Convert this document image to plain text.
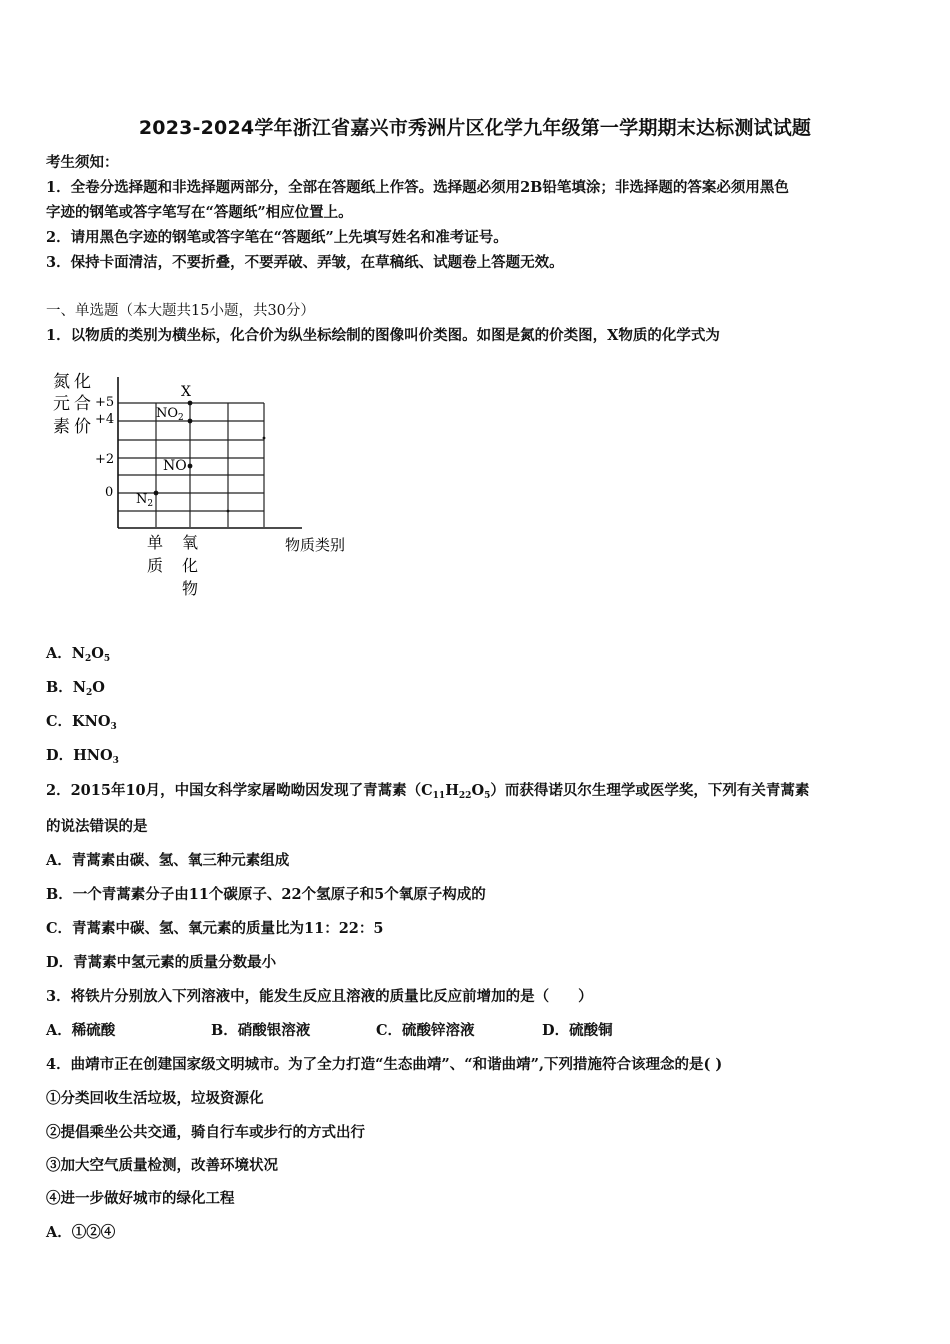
2023-2024学年浙江省嘉兴市秀洲片区化学九年级第一学期期末达标测试试题
考生须知：
1．全卷分选择题和非选择题两部分，全部在答题纸上作答。选择题必须用2B铅笔填涂；非选择题的答案必须用黑色
字迹的钢笔或答字笔写在“答题纸”相应位置上。
2．请用黑色字迹的钢笔或答字笔在“答题纸”上先填写姓名和准考证号。
3．保持卡面清洁，不要折叠，不要弄破、弄皱，在草稿纸、试题卷上答题无效。
一、单选题（本大题共15小题，共30分）
1．以物质的类别为横坐标，化合价为纵坐标绘制的图像叫价类图。如图是氮的价类图，X物质的化学式为
氮 化
元 合
素 价
+5
+4
+2
0
X
$NO_2$
NO
$N_2$
单
质
氧
化
物
物质类别
A．$N_2O_5$
B．$N_2O$
C．$KNO_3$
D．$HNO_3$
2．2015年10月，中国女科学家屠呦呦因发现了青蒿素$(C_{11}H_{22}O_5)$而获得诺贝尔生理学或医学奖，下列有关青蒿素
的说法错误的是
A．青蒿素由碳、氢、氧三种元素组成
B．一个青蒿素分子由11个碳原子、22个氢原子和5个氧原子构成的
C．青蒿素中碳、氢、氧元素的质量比为11：22：5
D．青蒿素中氢元素的质量分数最小
3．将铁片分别放入下列溶液中，能发生反应且溶液的质量比反应前增加的是（　　）
A．稀硫酸	B．硝酸银溶液	C．硫酸锌溶液	D．硫酸铜
4．曲靖市正在创建国家级文明城市。为了全力打造“生态曲靖”、“和谐曲靖”,下列措施符合该理念的是( )
①分类回收生活垃圾，垃圾资源化
②提倡乘坐公共交通，骑自行车或步行的方式出行
③加大空气质量检测，改善环境状况
④进一步做好城市的绿化工程
A．①②④
